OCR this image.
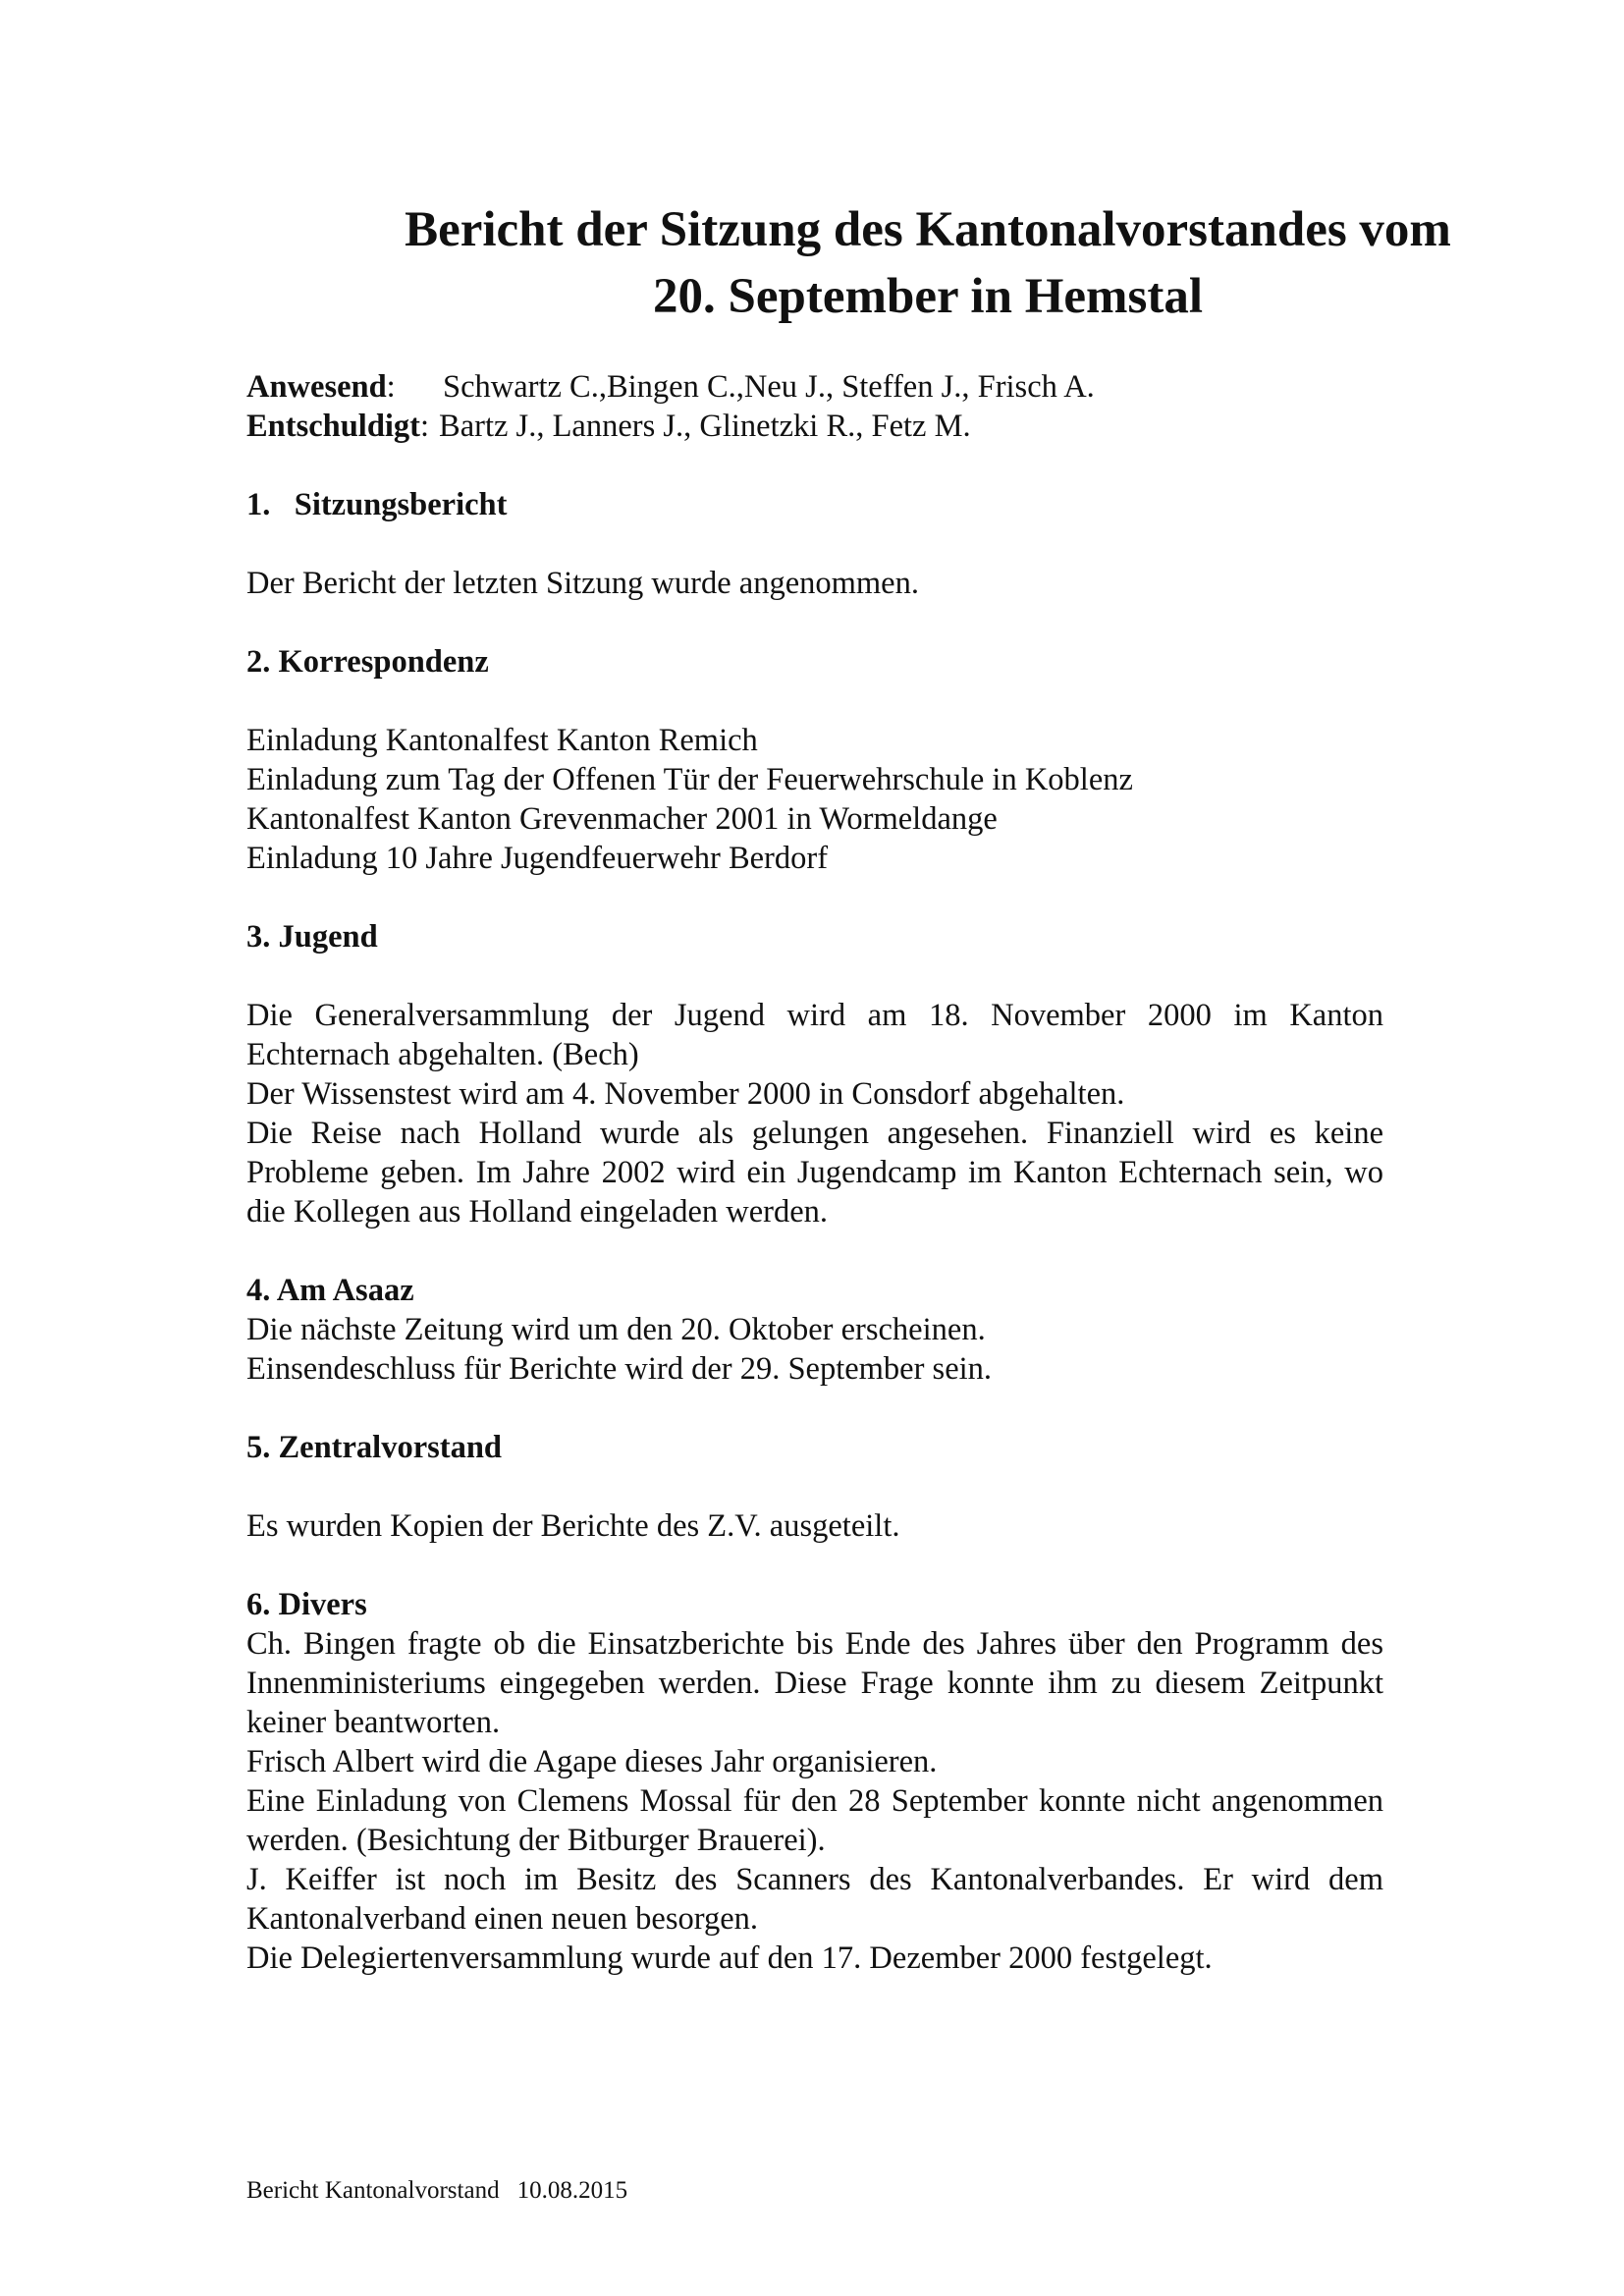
Bericht der Sitzung des Kantonalvorstandes vom
20. September in Hemstal
Anwesend:	Schwartz C.,Bingen C.,Neu J., Steffen J., Frisch A.
Entschuldigt: Bartz J., Lanners J., Glinetzki R., Fetz M.

1.   Sitzungsbericht

Der Bericht der letzten Sitzung wurde angenommen.

2. Korrespondenz

Einladung Kantonalfest Kanton Remich

Einladung zum Tag der Offenen Tür der Feuerwehrschule in Koblenz

Kantonalfest Kanton Grevenmacher 2001 in Wormeldange

Einladung 10 Jahre Jugendfeuerwehr Berdorf

3. Jugend

Die Generalversammlung der Jugend wird am 18. November 2000 im Kanton Echternach abgehalten. (Bech)

Der Wissenstest wird am 4. November 2000 in Consdorf abgehalten.

Die Reise nach Holland wurde als gelungen angesehen. Finanziell wird es keine Probleme geben. Im Jahre 2002 wird ein Jugendcamp im Kanton Echternach sein, wo die Kollegen aus Holland eingeladen werden.

4. Am Asaaz

Die nächste Zeitung wird um den 20. Oktober erscheinen.

Einsendeschluss für Berichte wird der 29. September sein.

5. Zentralvorstand

Es wurden Kopien der Berichte des Z.V. ausgeteilt.

6. Divers

Ch. Bingen fragte ob die Einsatzberichte bis Ende des Jahres über den Programm des Innenministeriums eingegeben werden. Diese Frage konnte ihm zu diesem Zeitpunkt keiner beantworten.

Frisch Albert wird die Agape dieses Jahr organisieren.

Eine Einladung von Clemens Mossal für den 28 September konnte nicht angenommen werden. (Besichtung der Bitburger Brauerei).

J. Keiffer ist noch im Besitz des Scanners des Kantonalverbandes. Er wird dem Kantonalverband einen neuen besorgen.

Die Delegiertenversammlung wurde auf den 17. Dezember 2000 festgelegt.

Bericht Kantonalvorstand 10.08.2015
